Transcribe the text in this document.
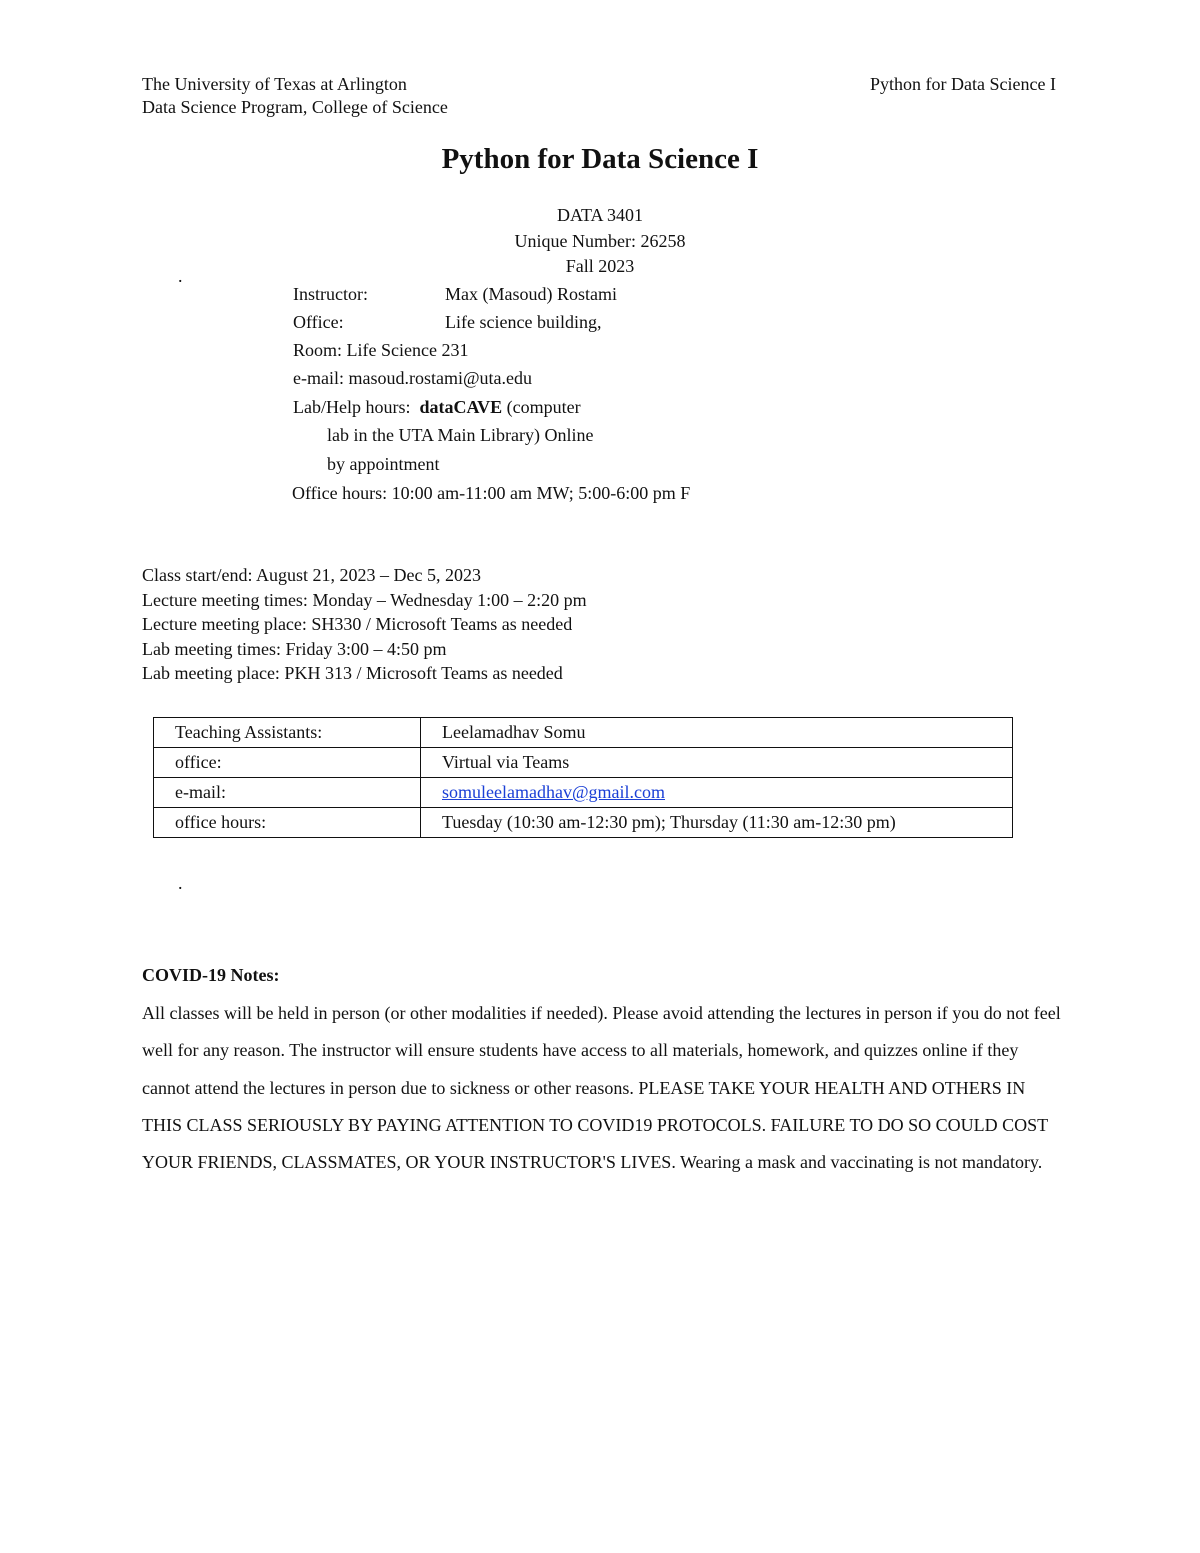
The University of Texas at Arlington
Data Science Program, College of Science
Python for Data Science I
Python for Data Science I
DATA 3401
Unique Number: 26258
Fall 2023
.
Instructor:	Max (Masoud) Rostami
Office:	Life science building,
Room: Life Science 231
e-mail: masoud.rostami@uta.edu
Lab/Help hours: dataCAVE (computer
lab in the UTA Main Library) Online
by appointment
Office hours: 10:00 am-11:00 am MW; 5:00-6:00 pm F
Class start/end: August 21, 2023 – Dec 5, 2023
Lecture meeting times: Monday – Wednesday 1:00 – 2:20 pm
Lecture meeting place: SH330 / Microsoft Teams as needed
Lab meeting times: Friday 3:00 – 4:50 pm
Lab meeting place: PKH 313 / Microsoft Teams as needed
Teaching Assistants:	Leelamadhav Somu
office:	Virtual via Teams
e-mail:	somuleelamadhav@gmail.com
office hours:	Tuesday (10:30 am-12:30 pm); Thursday (11:30 am-12:30 pm)
.
COVID-19 Notes:
All classes will be held in person (or other modalities if needed). Please avoid attending the lectures in person if you do not feel well for any reason. The instructor will ensure students have access to all materials, homework, and quizzes online if they cannot attend the lectures in person due to sickness or other reasons. PLEASE TAKE YOUR HEALTH AND OTHERS IN THIS CLASS SERIOUSLY BY PAYING ATTENTION TO COVID19 PROTOCOLS. FAILURE TO DO SO COULD COST YOUR FRIENDS, CLASSMATES, OR YOUR INSTRUCTOR'S LIVES. Wearing a mask and vaccinating is not mandatory.
